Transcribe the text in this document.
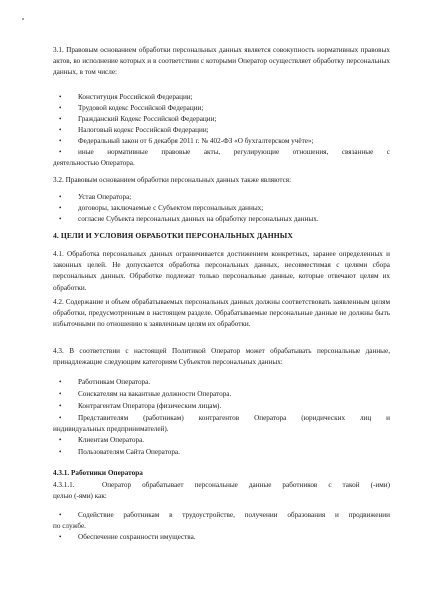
3.1. Правовым основанием обработки персональных данных является совокупность нормативных правовых актов, во исполнение которых и в соответствии с которыми Оператор осуществляет обработку персональных данных, в том числе:

• Конституция Российской Федерации;
• Трудовой кодекс Российской Федерации;
• Гражданский Кодекс Российской Федерации;
• Налоговый кодекс Российской Федерации;
• Федеральный закон от 6 декабря 2011 г. № 402-ФЗ «О бухгалтерском учёте»;
• иные нормативные правовые акты, регулирующие отношения, связанные с
деятельностью Оператора.
3.2. Правовым основанием обработки персональных данных также являются:
• Устав Оператора;
• договоры, заключаемые с Субъектом персональных данных;
• согласие Субъекта персональных данных на обработку персональных данных.
4. ЦЕЛИ И УСЛОВИЯ ОБРАБОТКИ ПЕРСОНАЛЬНЫХ ДАННЫХ

4.1. Обработка персональных данных ограничивается достижением конкретных, заранее определенных и законных целей. Не допускается обработка персональных данных, несовместимая с целями сбора персональных данных. Обработке подлежат только персональные данные, которые отвечают целям их обработки.

4.2. Содержание и объем обрабатываемых персональных данных должны соответствовать заявленным целям обработки, предусмотренным в настоящем разделе. Обрабатываемые персональные данные не должны быть избыточными по отношению к заявленным целям их обработки.

4.3. В соответствии с настоящей Политикой Оператор может обрабатывать персональные данные, принадлежащие следующим категориям Субъектов персональных данных:

• Работникам Оператора.
• Соискателям на вакантные должности Оператора.
• Контрагентам Оператора (физическим лицам).
• Представителям (работникам) контрагентов Оператора (юридических лиц и
индивидуальных предпринимателей).
• Клиентам Оператора.
• Пользователям Сайта Оператора.
4.3.1. Работники Оператора
4.3.1.1.	Оператор обрабатывает персональные данные работников с такой (-ими)
целью (-ями) как:
• Содействие работникам в трудоустройстве, получении образования и продвижении
по службе.
• Обеспечение сохранности имущества.
